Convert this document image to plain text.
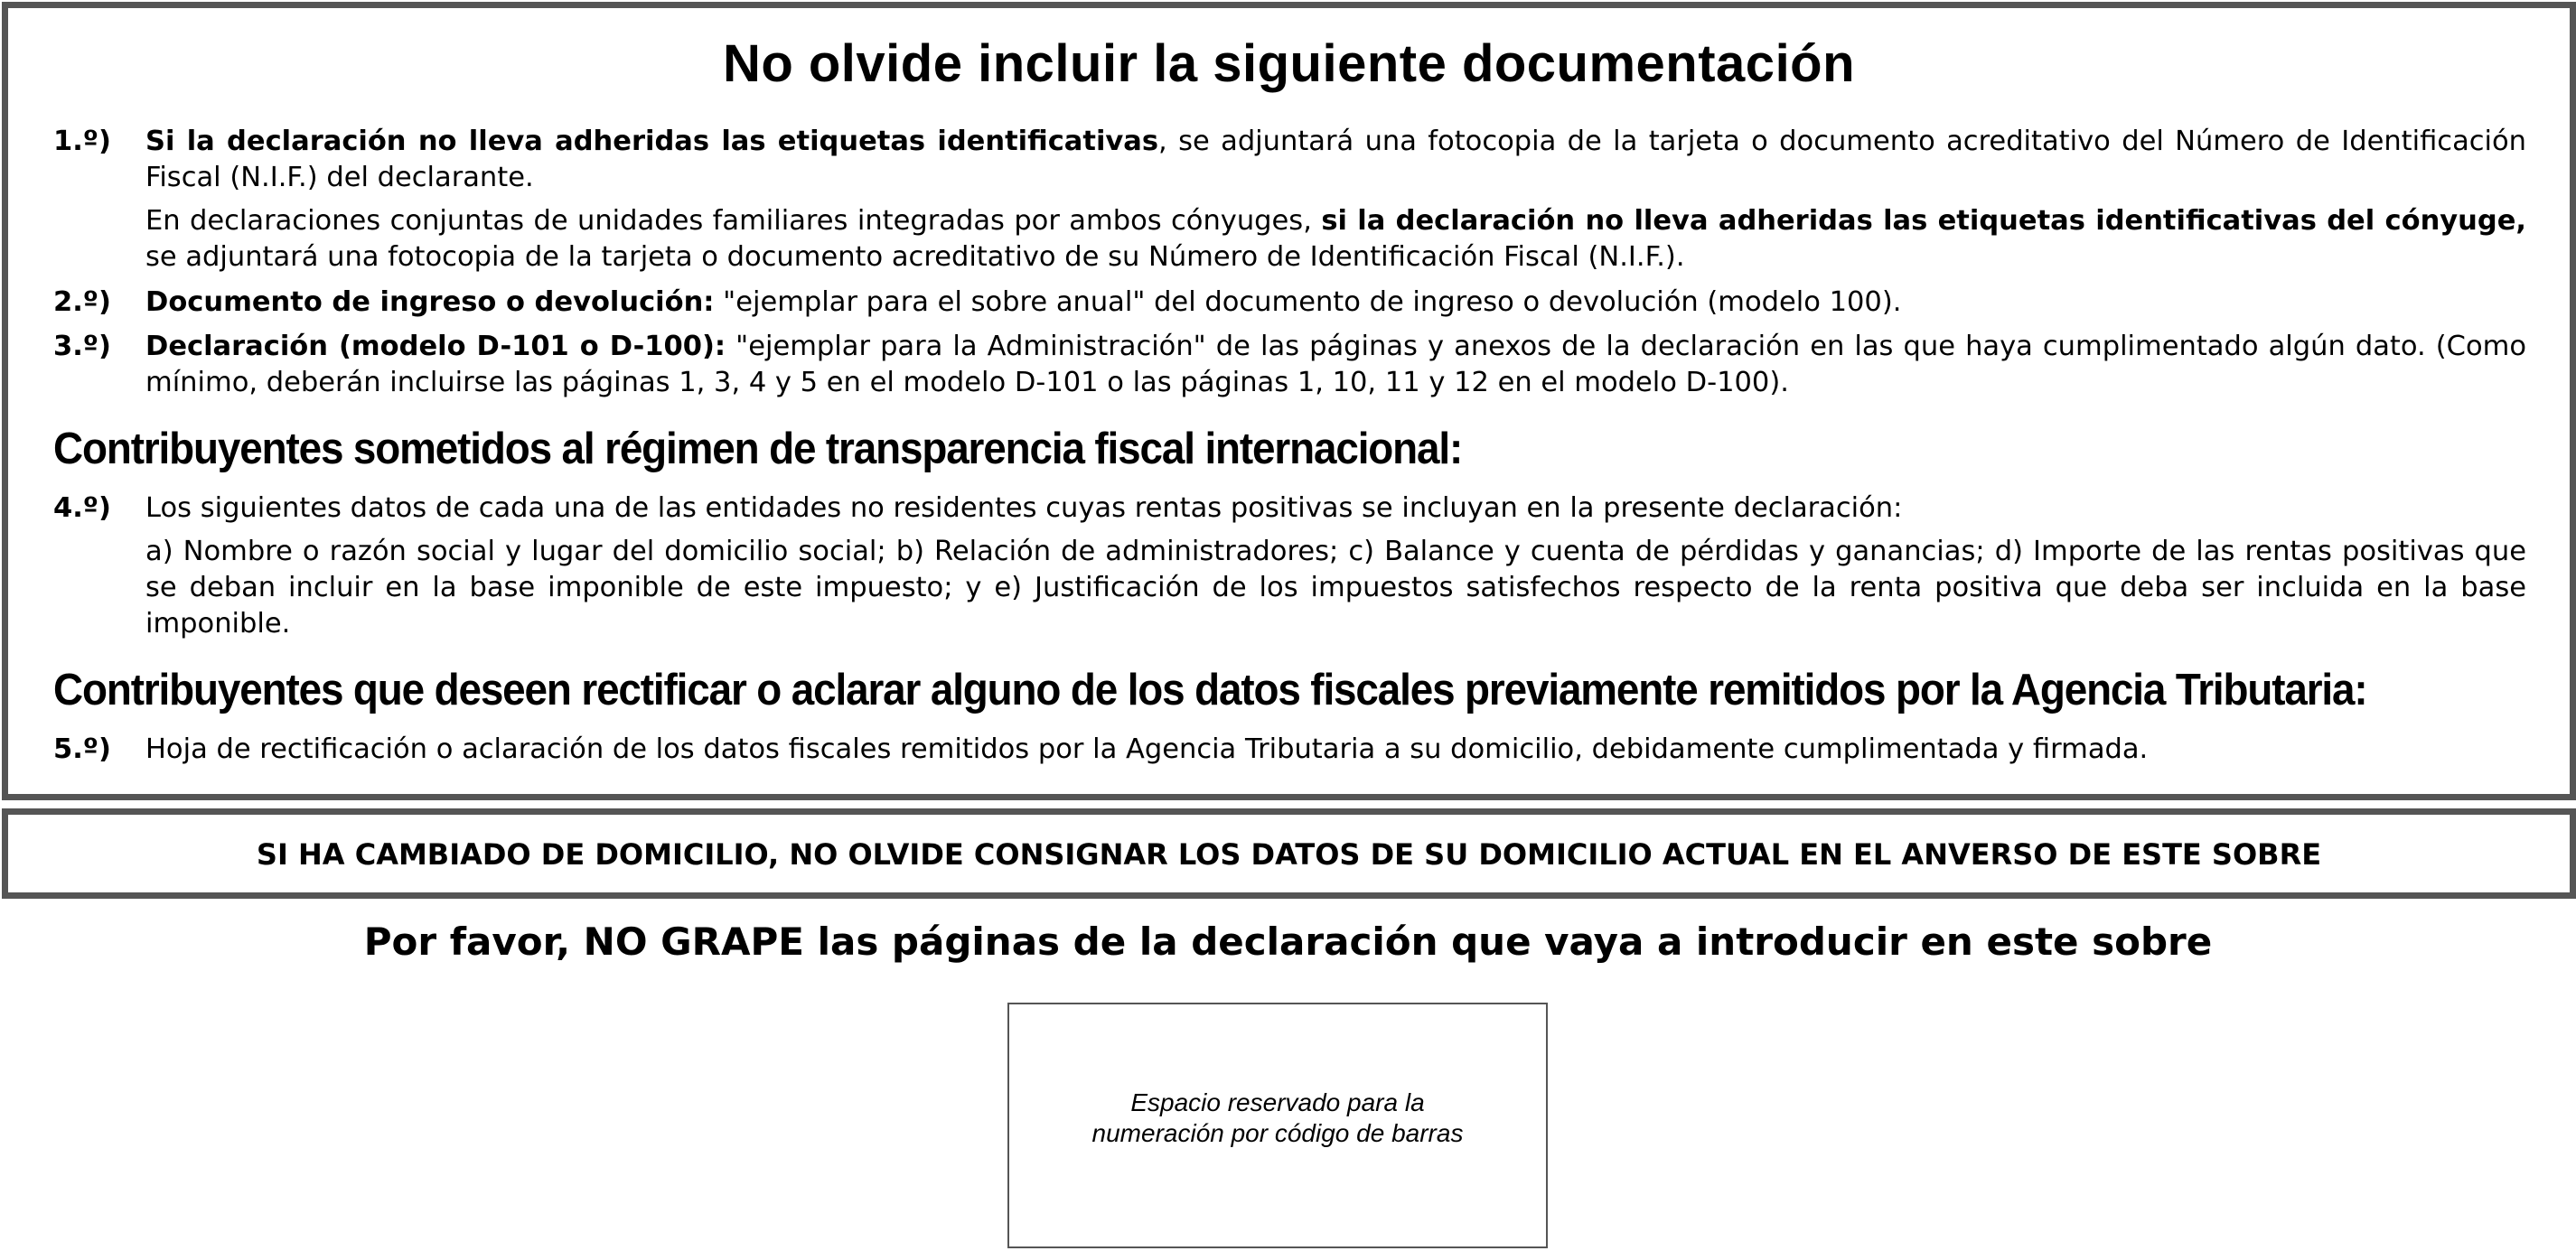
No olvide incluir la siguiente documentación
1.º) Si la declaración no lleva adheridas las etiquetas identificativas, se adjuntará una fotocopia de la tarjeta o documento acreditativo del Número de Identificación Fiscal (N.I.F.) del declarante.
En declaraciones conjuntas de unidades familiares integradas por ambos cónyuges, si la declaración no lleva adheridas las etiquetas identificativas del cónyuge, se adjuntará una fotocopia de la tarjeta o documento acreditativo de su Número de Identificación Fiscal (N.I.F.).
2.º) Documento de ingreso o devolución: "ejemplar para el sobre anual" del documento de ingreso o devolución (modelo 100).
3.º) Declaración (modelo D-101 o D-100): "ejemplar para la Administración" de las páginas y anexos de la declaración en las que haya cumplimentado algún dato. (Como mínimo, deberán incluirse las páginas 1, 3, 4 y 5 en el modelo D-101 o las páginas 1, 10, 11 y 12 en el modelo D-100).
Contribuyentes sometidos al régimen de transparencia fiscal internacional:
4.º) Los siguientes datos de cada una de las entidades no residentes cuyas rentas positivas se incluyan en la presente declaración:
a) Nombre o razón social y lugar del domicilio social; b) Relación de administradores; c) Balance y cuenta de pérdidas y ganancias; d) Importe de las rentas positivas que se deban incluir en la base imponible de este impuesto; y e) Justificación de los impuestos satisfechos respecto de la renta positiva que deba ser incluida en la base imponible.
Contribuyentes que deseen rectificar o aclarar alguno de los datos fiscales previamente remitidos por la Agencia Tributaria:
5.º) Hoja de rectificación o aclaración de los datos fiscales remitidos por la Agencia Tributaria a su domicilio, debidamente cumplimentada y firmada.
SI HA CAMBIADO DE DOMICILIO, NO OLVIDE CONSIGNAR LOS DATOS DE SU DOMICILIO ACTUAL EN EL ANVERSO DE ESTE SOBRE
Por favor, NO GRAPE las páginas de la declaración que vaya a introducir en este sobre
Espacio reservado para la
numeración por código de barras
